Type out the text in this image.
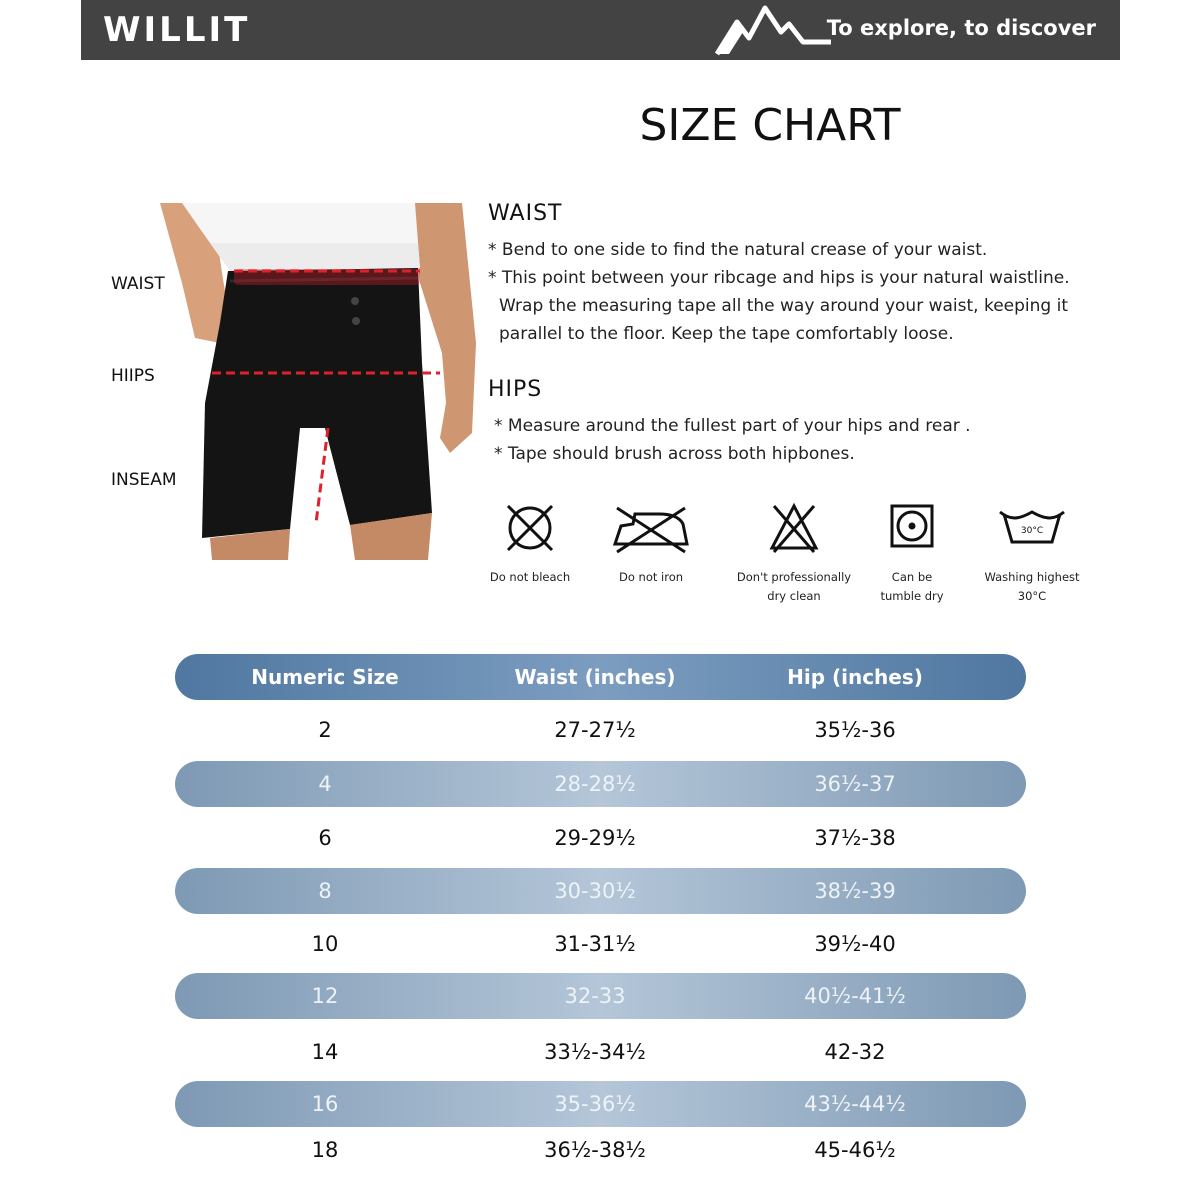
WILLIT	To explore, to discover
SIZE CHART
WAIST
HIIPS
INSEAM
WAIST
* Bend to one side to find the natural crease of your waist.
* This point between your ribcage and hips is your natural waistline.
Wrap the measuring tape all the way around your waist, keeping it
parallel to the floor. Keep the tape comfortably loose.
HIPS
* Measure around the fullest part of your hips and rear .
* Tape should brush across both hipbones.
Do not bleach	Do not iron	Don't professionally dry clean
Can be tumble dry
30°C
Washing highest 30°C
Numeric Size	Waist (inches)	Hip (inches)
2	27-27½	35½-36
4	28-28½	36½-37
6	29-29½	37½-38
8	30-30½	38½-39
10	31-31½	39½-40
12	32-33	40½-41½
14	33½-34½	42-32
16	35-36½	43½-44½
18	36½-38½	45-46½
